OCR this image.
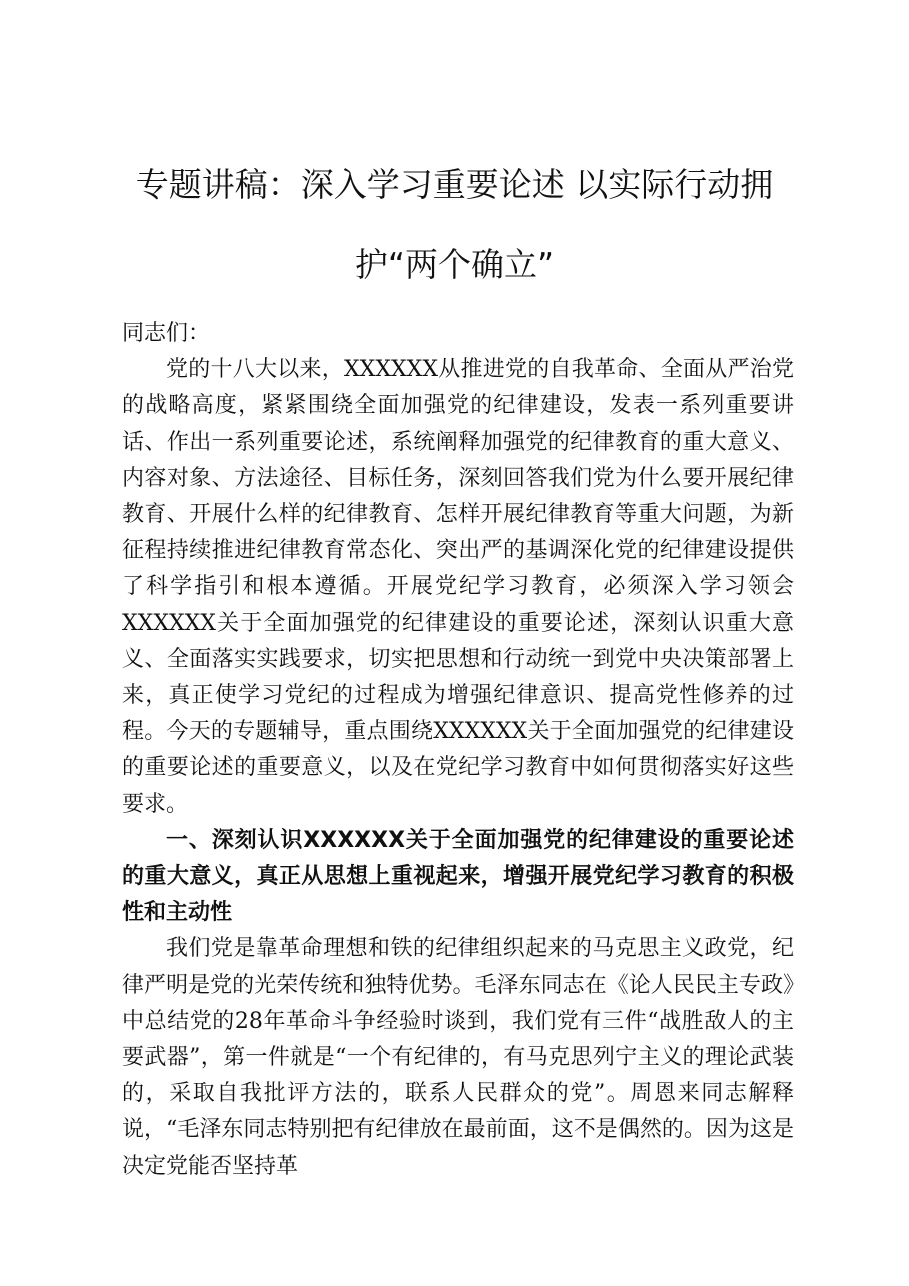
专题讲稿：深入学习重要论述 以实际行动拥
护“两个确立”

同志们：

党的十八大以来，XXXXXX从推进党的自我革命、全面从严治党的战略高度，紧紧围绕全面加强党的纪律建设，发表一系列重要讲话、作出一系列重要论述，系统阐释加强党的纪律教育的重大意义、内容对象、方法途径、目标任务，深刻回答我们党为什么要开展纪律教育、开展什么样的纪律教育、怎样开展纪律教育等重大问题，为新征程持续推进纪律教育常态化、突出严的基调深化党的纪律建设提供了科学指引和根本遵循。开展党纪学习教育，必须深入学习领会XXXXXX关于全面加强党的纪律建设的重要论述，深刻认识重大意义、全面落实实践要求，切实把思想和行动统一到党中央决策部署上来，真正使学习党纪的过程成为增强纪律意识、提高党性修养的过程。今天的专题辅导，重点围绕XXXXXX关于全面加强党的纪律建设的重要论述的重要意义，以及在党纪学习教育中如何贯彻落实好这些要求。

一、深刻认识XXXXXX关于全面加强党的纪律建设的重要论述的重大意义，真正从思想上重视起来，增强开展党纪学习教育的积极性和主动性

我们党是靠革命理想和铁的纪律组织起来的马克思主义政党，纪律严明是党的光荣传统和独特优势。毛泽东同志在《论人民民主专政》中总结党的28年革命斗争经验时谈到，我们党有三件“战胜敌人的主要武器”，第一件就是“一个有纪律的，有马克思列宁主义的理论武装的，采取自我批评方法的，联系人民群众的党”。周恩来同志解释说，“毛泽东同志特别把有纪律放在最前面，这不是偶然的。因为这是决定党能否坚持革
